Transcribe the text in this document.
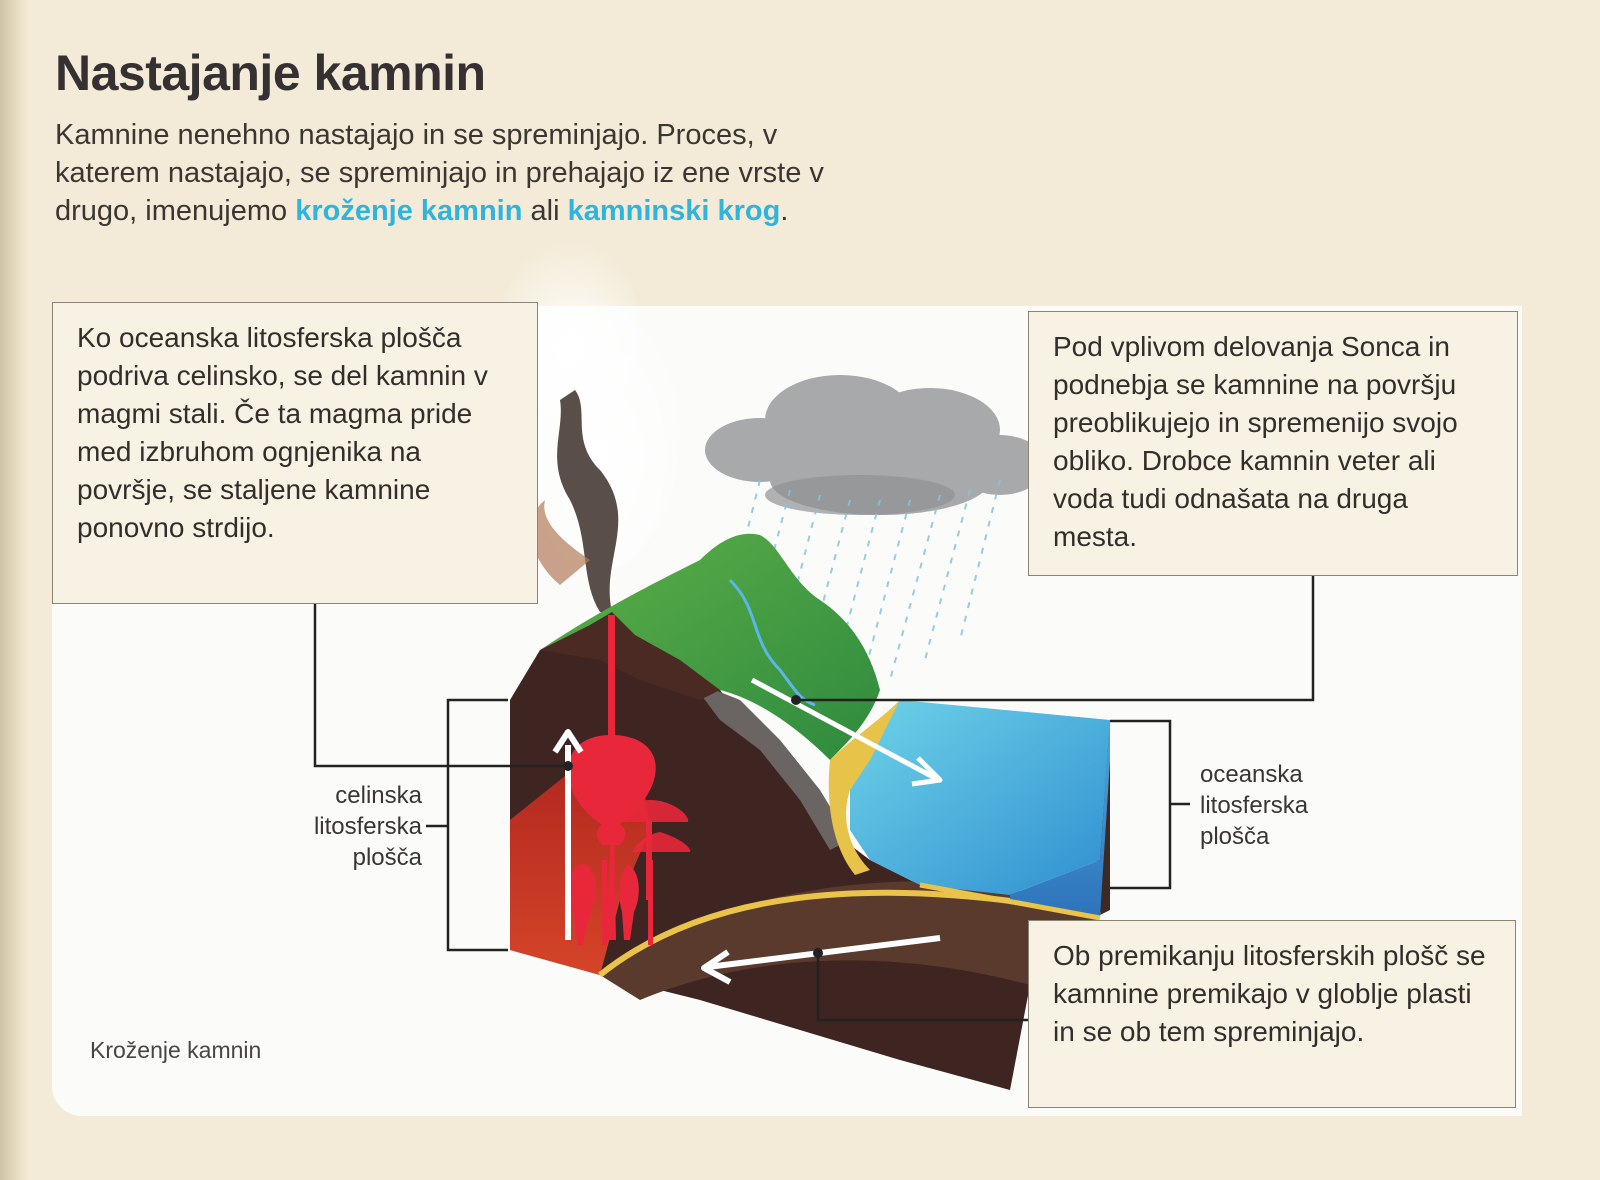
Nastajanje kamnin

Kamnine nenehno nastajajo in se spreminjajo. Proces, v katerem nastajajo, se spreminjajo in prehajajo iz ene vrste v drugo, imenujemo kroženje kamnin ali kamninski krog.

Ko oceanska litosferska plošča podriva celinsko, se del kamnin v magmi stali. Če ta magma pride med izbruhom ognjenika na površje, se staljene kamnine ponovno strdijo.

Pod vplivom delovanja Sonca in podnebja se kamnine na površju preoblikujejo in spremenijo svojo obliko. Drobce kamnin veter ali voda tudi odnašata na druga mesta.

Ob premikanju litosferskih plošč se kamnine premikajo v globlje plasti in se ob tem spreminjajo.

celinska
litosferska
plošča
oceanska
litosferska
plošča
Kroženje kamnin
